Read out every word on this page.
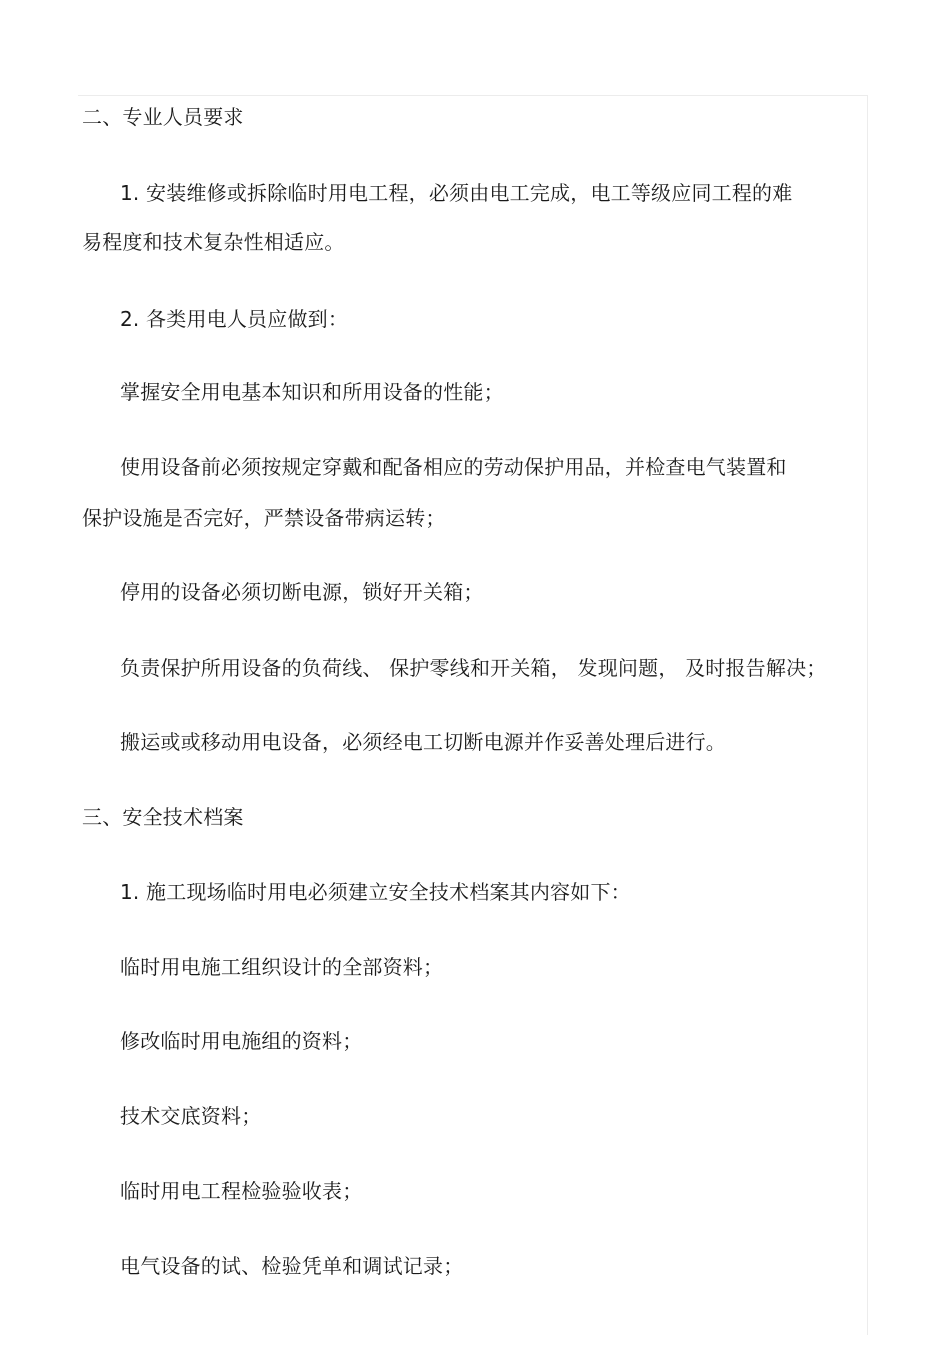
二、专业人员要求
1. 安装维修或拆除临时用电工程，必须由电工完成，电工等级应同工程的难
易程度和技术复杂性相适应。
2. 各类用电人员应做到：
掌握安全用电基本知识和所用设备的性能；
使用设备前必须按规定穿戴和配备相应的劳动保护用品，并检查电气装置和
保护设施是否完好，严禁设备带病运转；
停用的设备必须切断电源，锁好开关箱；
负责保护所用设备的负荷线、 保护零线和开关箱， 发现问题， 及时报告解决；
搬运或或移动用电设备，必须经电工切断电源并作妥善处理后进行。
三、安全技术档案
1. 施工现场临时用电必须建立安全技术档案其内容如下：
临时用电施工组织设计的全部资料；
修改临时用电施组的资料；
技术交底资料；
临时用电工程检验验收表；
电气设备的试、检验凭单和调试记录；
